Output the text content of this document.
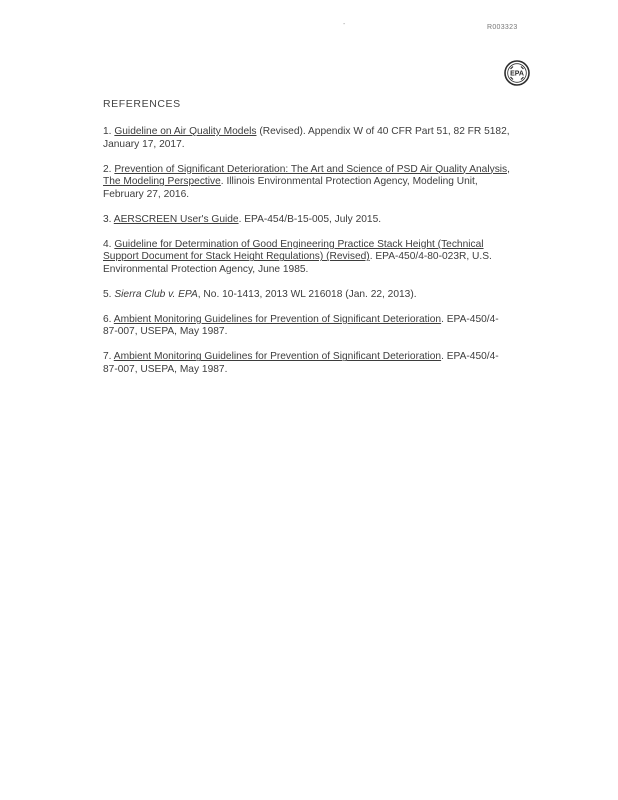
-	R003323
EPA
REFERENCES

1. Guideline on Air Quality Models (Revised). Appendix W of 40 CFR Part 51, 82 FR 5182, January 17, 2017.

2. Prevention of Significant Deterioration: The Art and Science of PSD Air Quality Analysis, The Modeling Perspective. Illinois Environmental Protection Agency, Modeling Unit, February 27, 2016.

3. AERSCREEN User's Guide. EPA-454/B-15-005, July 2015.

4. Guideline for Determination of Good Engineering Practice Stack Height (Technical Support Document for Stack Height Regulations) (Revised). EPA-450/4-80-023R, U.S. Environmental Protection Agency, June 1985.

5. Sierra Club v. EPA, No. 10-1413, 2013 WL 216018 (Jan. 22, 2013).

6. Ambient Monitoring Guidelines for Prevention of Significant Deterioration. EPA-450/4-87-007, USEPA, May 1987.

7. Ambient Monitoring Guidelines for Prevention of Significant Deterioration. EPA-450/4-87-007, USEPA, May 1987.
